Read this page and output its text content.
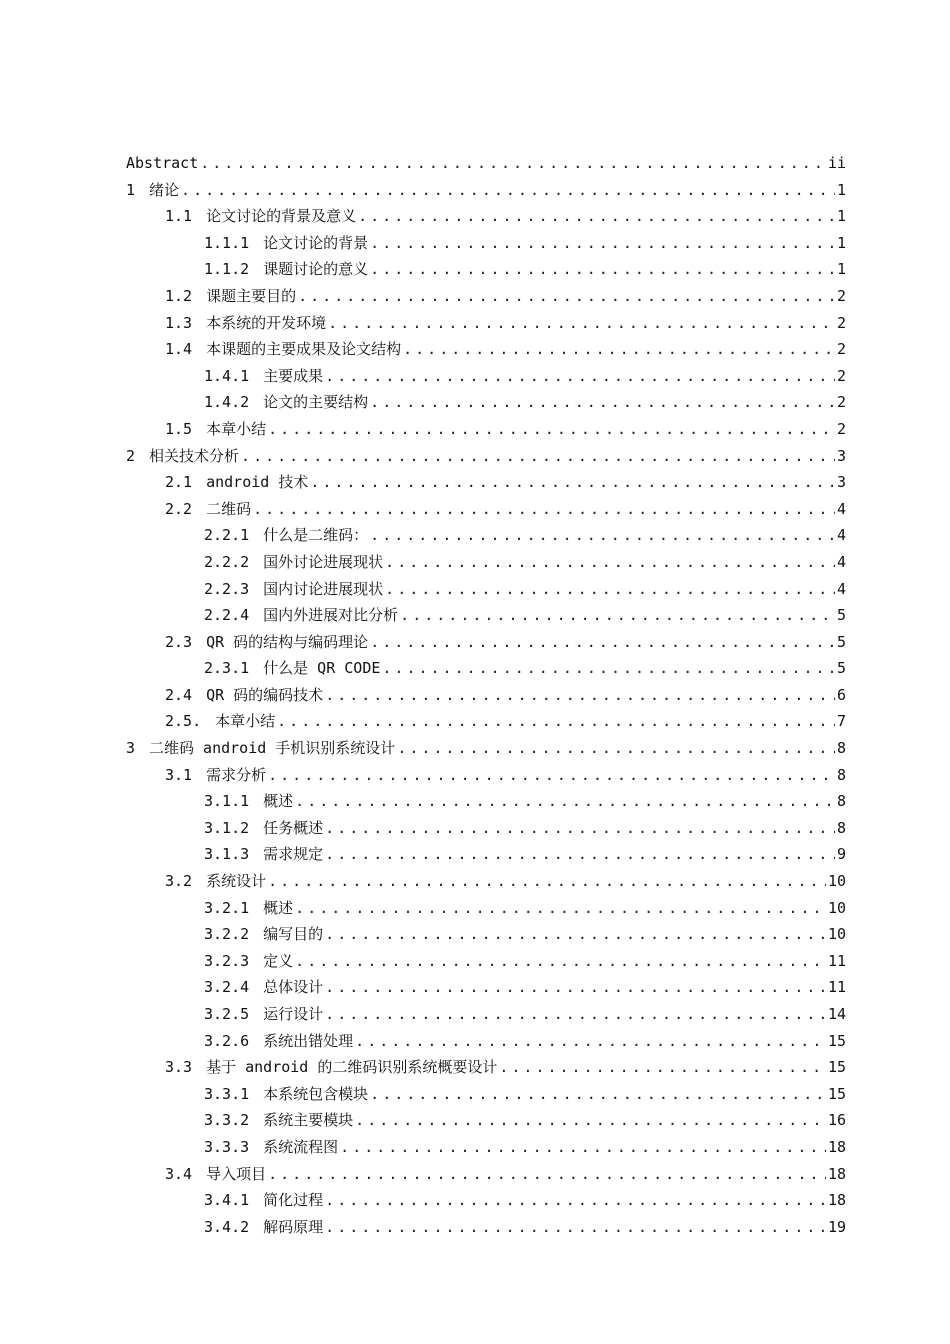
Abstract .....	ii
1 绪论 .....	1
1.1 论文讨论的背景及意义 .....	1
1.1.1 论文讨论的背景 .....	1
1.1.2 课题讨论的意义 .....	1
1.2 课题主要目的 .....	2
1.3 本系统的开发环境 .....	2
1.4 本课题的主要成果及论文结构 .....	2
1.4.1 主要成果 .....	2
1.4.2 论文的主要结构 .....	2
1.5 本章小结 .....	2
2 相关技术分析 .....	3
2.1 android 技术 .....	3
2.2 二维码 .....	4
2.2.1 什么是二维码： .....	4
2.2.2 国外讨论进展现状 .....	4
2.2.3 国内讨论进展现状 .....	4
2.2.4 国内外进展对比分析 .....	5
2.3 QR 码的结构与编码理论 .....	5
2.3.1 什么是 QR CODE .....	5
2.4 QR 码的编码技术 .....	6
2.5. 本章小结 .....	7
3 二维码 android 手机识别系统设计 .....	8
3.1 需求分析 .....	8
3.1.1 概述 .....	8
3.1.2 任务概述 .....	8
3.1.3 需求规定 .....	9
3.2 系统设计 .....	10
3.2.1 概述 .....	10
3.2.2 编写目的 .....	10
3.2.3 定义 .....	11
3.2.4 总体设计 .....	11
3.2.5 运行设计 .....	14
3.2.6 系统出错处理 .....	15
3.3 基于 android 的二维码识别系统概要设计 .....	15
3.3.1 本系统包含模块 .....	15
3.3.2 系统主要模块 .....	16
3.3.3 系统流程图 .....	18
3.4 导入项目 .....	18
3.4.1 简化过程 .....	18
3.4.2 解码原理 .....	19
